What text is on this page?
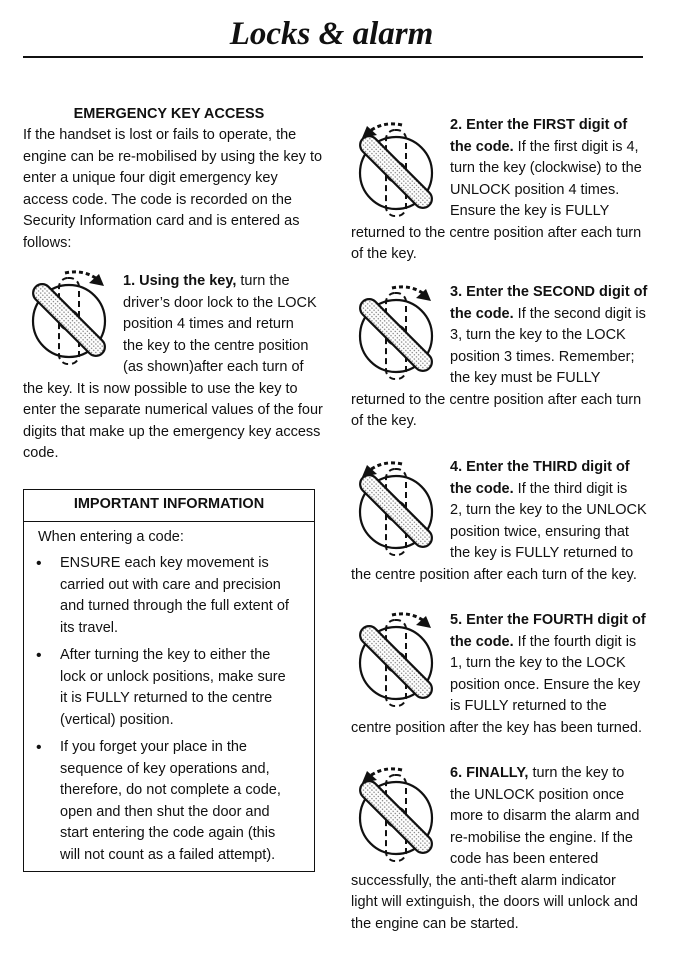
Locks & alarm
EMERGENCY KEY ACCESS
If the handset is lost or fails to operate, the
engine can be re-mobilised by using the key to
enter a unique four digit emergency key
access code. The code is recorded on the
Security Information card and is entered as
follows:
1. Using the key, turn the
driver’s door lock to the LOCK
position 4 times and return
the key to the centre position
(as shown)after each turn of
the key. It is now possible to use the key to
enter the separate numerical values of the four
digits that make up the emergency key access
code.
IMPORTANT INFORMATION
When entering a code:
• ENSURE each key movement is
carried out with care and precision
and turned through the full extent of
its travel.
• After turning the key to either the
lock or unlock positions, make sure
it is FULLY returned to the centre
(vertical) position.
• If you forget your place in the
sequence of key operations and,
therefore, do not complete a code,
open and then shut the door and
start entering the code again (this
will not count as a failed attempt).
2. Enter the FIRST digit of
the code. If the first digit is 4,
turn the key (clockwise) to the
UNLOCK position 4 times.
Ensure the key is FULLY
returned to the centre position after each turn
of the key.
3. Enter the SECOND digit of
the code. If the second digit is
3, turn the key to the LOCK
position 3 times. Remember;
the key must be FULLY
returned to the centre position after each turn
of the key.
4. Enter the THIRD digit of
the code. If the third digit is
2, turn the key to the UNLOCK
position twice, ensuring that
the key is FULLY returned to
the centre position after each turn of the key.
5. Enter the FOURTH digit of
the code. If the fourth digit is
1, turn the key to the LOCK
position once. Ensure the key
is FULLY returned to the
centre position after the key has been turned.
6. FINALLY, turn the key to
the UNLOCK position once
more to disarm the alarm and
re-mobilise the engine. If the
code has been entered
successfully, the anti-theft alarm indicator
light will extinguish, the doors will unlock and
the engine can be started.
